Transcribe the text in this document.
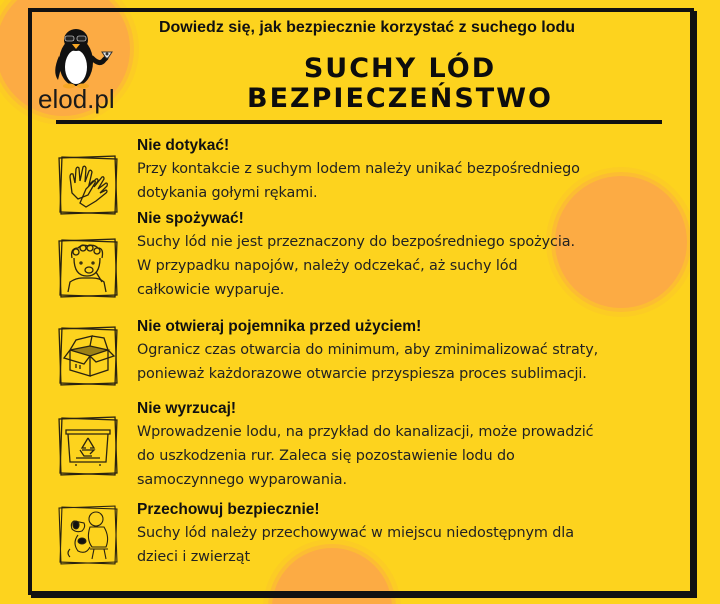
elod.pl
Dowiedz się, jak bezpiecznie korzystać z suchego lodu
SUCHY LÓD
BEZPIECZEŃSTWO
Nie dotykać!
Przy kontakcie z suchym lodem należy unikać bezpośredniego
dotykania gołymi rękami.
Nie spożywać!
Suchy lód nie jest przeznaczony do bezpośredniego spożycia.
W przypadku napojów, należy odczekać, aż suchy lód
całkowicie wyparuje.
Nie otwieraj pojemnika przed użyciem!
Ogranicz czas otwarcia do minimum, aby zminimalizować straty,
ponieważ każdorazowe otwarcie przyspiesza proces sublimacji.
Nie wyrzucaj!
Wprowadzenie lodu, na przykład do kanalizacji, może prowadzić
do uszkodzenia rur. Zaleca się pozostawienie lodu do
samoczynnego wyparowania.
Przechowuj bezpiecznie!
Suchy lód należy przechowywać w miejscu niedostępnym dla
dzieci i zwierząt
